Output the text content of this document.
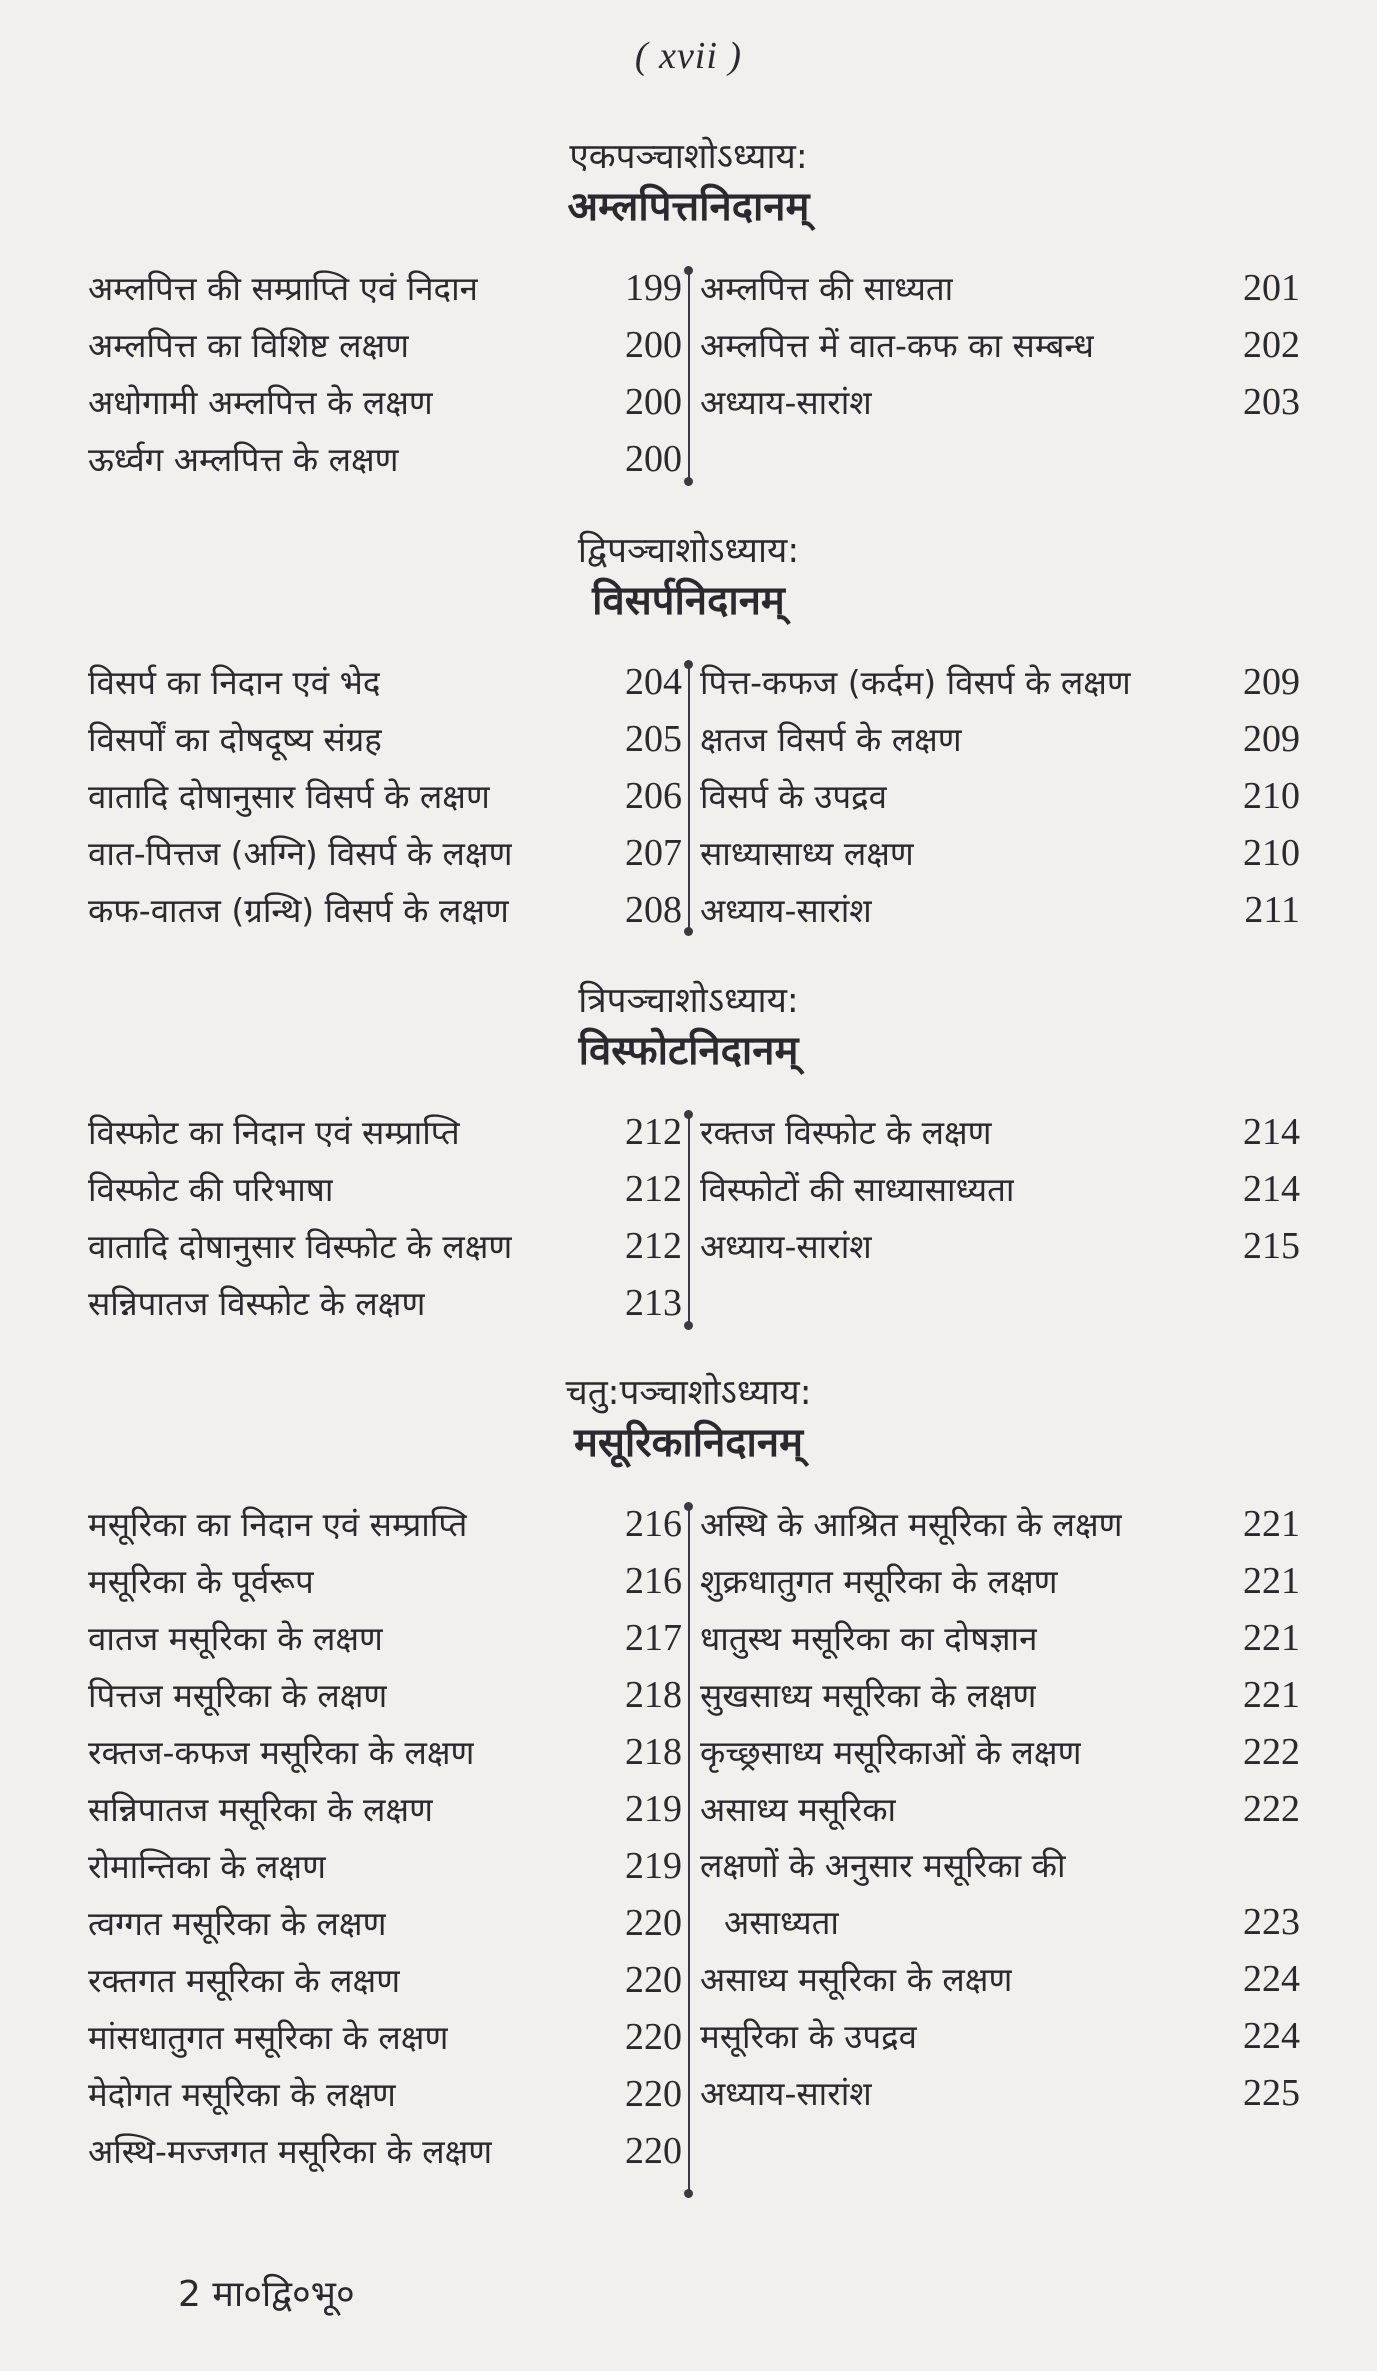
( xvii )
एकपञ्चाशोऽध्याय:
अम्लपित्तनिदानम्
अम्लपित्त की सम्प्राप्ति एवं निदान	199
अम्लपित्त का विशिष्ट लक्षण	200
अधोगामी अम्लपित्त के लक्षण	200
ऊर्ध्वग अम्लपित्त के लक्षण	200
अम्लपित्त की साध्यता	201
अम्लपित्त में वात-कफ का सम्बन्ध	202
अध्याय-सारांश	203
द्विपञ्चाशोऽध्याय:
विसर्पनिदानम्
विसर्प का निदान एवं भेद	204
विसर्पों का दोषदूष्य संग्रह	205
वातादि दोषानुसार विसर्प के लक्षण	206
वात-पित्तज (अग्नि) विसर्प के लक्षण	207
कफ-वातज (ग्रन्थि) विसर्प के लक्षण	208
पित्त-कफज (कर्दम) विसर्प के लक्षण	209
क्षतज विसर्प के लक्षण	209
विसर्प के उपद्रव	210
साध्यासाध्य लक्षण	210
अध्याय-सारांश	211
त्रिपञ्चाशोऽध्याय:
विस्फोटनिदानम्
विस्फोट का निदान एवं सम्प्राप्ति	212
विस्फोट की परिभाषा	212
वातादि दोषानुसार विस्फोट के लक्षण	212
सन्निपातज विस्फोट के लक्षण	213
रक्तज विस्फोट के लक्षण	214
विस्फोटों की साध्यासाध्यता	214
अध्याय-सारांश	215
चतु:पञ्चाशोऽध्याय:
मसूरिकानिदानम्
मसूरिका का निदान एवं सम्प्राप्ति	216
मसूरिका के पूर्वरूप	216
वातज मसूरिका के लक्षण	217
पित्तज मसूरिका के लक्षण	218
रक्तज-कफज मसूरिका के लक्षण	218
सन्निपातज मसूरिका के लक्षण	219
रोमान्तिका के लक्षण	219
त्वग्गत मसूरिका के लक्षण	220
रक्तगत मसूरिका के लक्षण	220
मांसधातुगत मसूरिका के लक्षण	220
मेदोगत मसूरिका के लक्षण	220
अस्थि-मज्जगत मसूरिका के लक्षण	220
अस्थि के आश्रित मसूरिका के लक्षण	221
शुक्रधातुगत मसूरिका के लक्षण	221
धातुस्थ मसूरिका का दोषज्ञान	221
सुखसाध्य मसूरिका के लक्षण	221
कृच्छ्रसाध्य मसूरिकाओं के लक्षण	222
असाध्य मसूरिका	222
लक्षणों के अनुसार मसूरिका की
असाध्यता	223
असाध्य मसूरिका के लक्षण	224
मसूरिका के उपद्रव	224
अध्याय-सारांश	225
2 मा०द्वि०भू०
